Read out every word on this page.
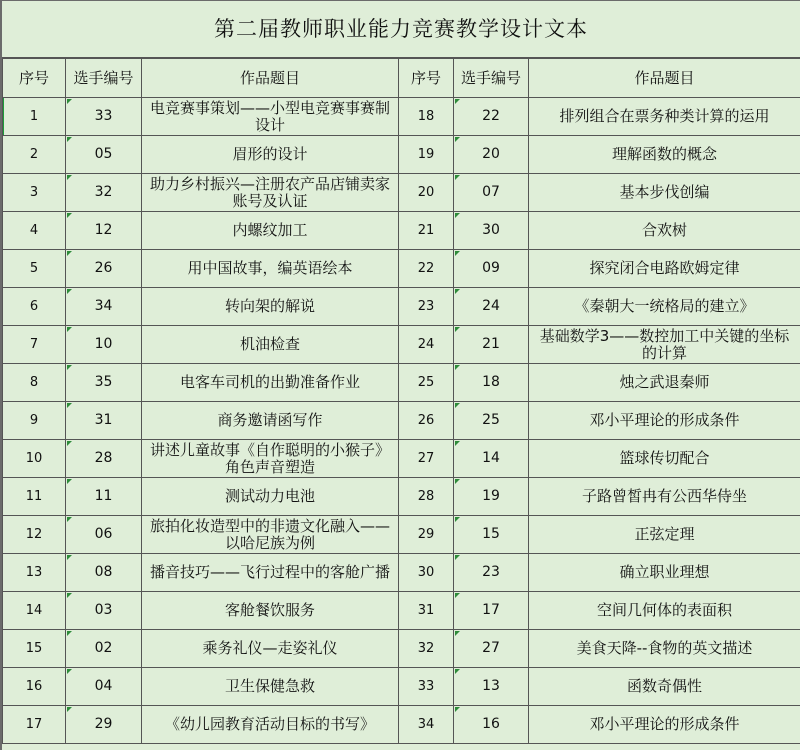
第二届教师职业能力竞赛教学设计文本
序号	选手编号	作品题目	序号	选手编号	作品题目
1	33	电竞赛事策划——小型电竞赛事赛制设计	18	22	排列组合在票务种类计算的运用
2	05	眉形的设计	19	20	理解函数的概念
3	32	助力乡村振兴—注册农产品店铺卖家账号及认证	20	07	基本步伐创编
4	12	内螺纹加工	21	30	合欢树
5	26	用中国故事，编英语绘本	22	09	探究闭合电路欧姆定律
6	34	转向架的解说	23	24	《秦朝大一统格局的建立》
7	10	机油检查	24	21	基础数学3——数控加工中关键的坐标的计算
8	35	电客车司机的出勤准备作业	25	18	烛之武退秦师
9	31	商务邀请函写作	26	25	邓小平理论的形成条件
10	28	讲述儿童故事《自作聪明的小猴子》角色声音塑造	27	14	篮球传切配合
11	11	测试动力电池	28	19	子路曾皙冉有公西华侍坐
12	06	旅拍化妆造型中的非遗文化融入——以哈尼族为例	29	15	正弦定理
13	08	播音技巧——飞行过程中的客舱广播	30	23	确立职业理想
14	03	客舱餐饮服务	31	17	空间几何体的表面积
15	02	乘务礼仪—走姿礼仪	32	27	美食天降--食物的英文描述
16	04	卫生保健急救	33	13	函数奇偶性
17	29	《幼儿园教育活动目标的书写》	34	16	邓小平理论的形成条件
